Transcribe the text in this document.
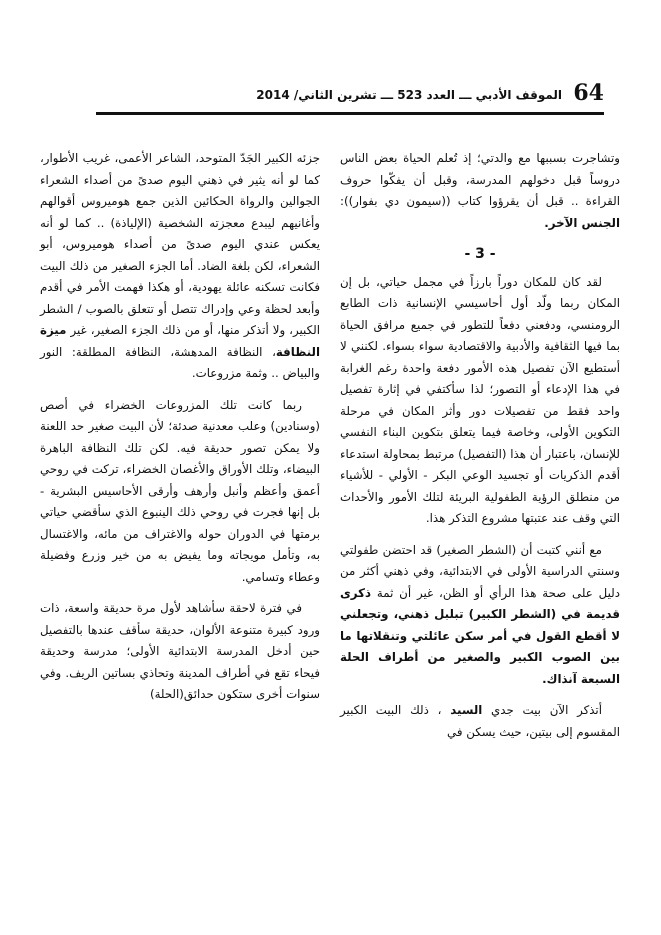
64
الموقف الأدبي ـــ العدد 523 ـــ تشرين الثاني/ 2014

وتشاجرت بسببها مع والدتي؛ إذ تُعلم الحياة بعض الناس دروساً قبل دخولهم المدرسة، وقبل أن يفكّوا حروف القراءة .. قبل أن يقرؤوا كتاب ((سيمون دي بفوار)): الجنس الآخر.

- 3 -

لقد كان للمكان دوراً بارزاً في مجمل حياتي، بل إن المكان ربما ولّد أول أحاسيسي الإنسانية ذات الطابع الرومنسي، ودفعني دفعاً للتطور في جميع مرافق الحياة بما فيها الثقافية والأدبية والاقتصادية سواء بسواء. لكنني لا أستطيع الآن تفصيل هذه الأمور دفعة واحدة رغم الغرابة في هذا الإدعاء أو التصور؛ لذا سأكتفي في إثارة تفصيل واحد فقط من تفصيلات دور وأثر المكان في مرحلة التكوين الأولى، وخاصة فيما يتعلق بتكوين البناء النفسي للإنسان، باعتبار أن هذا (التفصيل) مرتبط بمحاولة استدعاء أقدم الذكريات أو تجسيد الوعي البكر - الأولي - للأشياء من منطلق الرؤية الطفولية البريئة لتلك الأمور والأحداث التي وقف عند عتبتها مشروع التذكر هذا.

مع أنني كتبت أن (الشطر الصغير) قد احتضن طفولتي وسنتي الدراسية الأولى في الابتدائية، وفي ذهني أكثر من دليل على صحة هذا الرأي أو الظن، غير أن ثمة ذكرى قديمة في (الشطر الكبير) تبلبل ذهني، وتجعلني لا أقطع القول في أمر سكن عائلتي وتنقلاتها ما بين الصوب الكبير والصغير من أطراف الحلة السبعة آنذاك.

أتذكر الآن بيت جدي السيد ، ذلك البيت الكبير المقسوم إلى بيتين، حيث يسكن في

جزئه الكبير الجَدّ المتوحد، الشاعر الأعمى، غريب الأطوار، كما لو أنه يثير في ذهني اليوم صدىً من أصداء الشعراء الجوالين والرواة الحكائين الذين جمع هوميروس أقوالهم وأغانيهم ليبدع معجزته الشخصية (الإلياذة) .. كما لو أنه يعكس عندي اليوم صدىً من أصداء هوميروس، أبو الشعراء، لكن بلغة الضاد. أما الجزء الصغير من ذلك البيت فكانت تسكنه عائلة يهودية، أو هكذا فهمت الأمر في أقدم وأبعد لحظة وعي وإدراك تتصل أو تتعلق بالصوب / الشطر الكبير، ولا أتذكر منها، أو من ذلك الجزء الصغير، غير ميزة النظافة، النظافة المدهشة، النظافة المطلقة: النور والبياض .. وثمة مزروعات.

ربما كانت تلك المزروعات الخضراء في أصص (وسنادين) وعلب معدنية صدئة؛ لأن البيت صغير حد اللعنة ولا يمكن تصور حديقة فيه. لكن تلك النظافة الباهرة البيضاء، وتلك الأوراق والأغصان الخضراء، تركت في روحي أعمق وأعظم وأنبل وأرهف وأرقى الأحاسيس البشرية - بل إنها فجرت في روحي ذلك الينبوع الذي سأقضي حياتي برمتها في الدوران حوله والاغتراف من مائه، والاغتسال به، وتأمل مويجاته وما يفيض به من خير وزرع وفضيلة وعطاء وتسامي.

في فترة لاحقة سأشاهد لأول مرة حديقة واسعة، ذات ورود كبيرة متنوعة الألوان، حديقة سأقف عندها بالتفصيل حين أدخل المدرسة الابتدائية الأولى؛ مدرسة وحديقة فيحاء تقع في أطراف المدينة وتحاذي بساتين الريف. وفي سنوات أخرى ستكون حدائق(الحلة)
